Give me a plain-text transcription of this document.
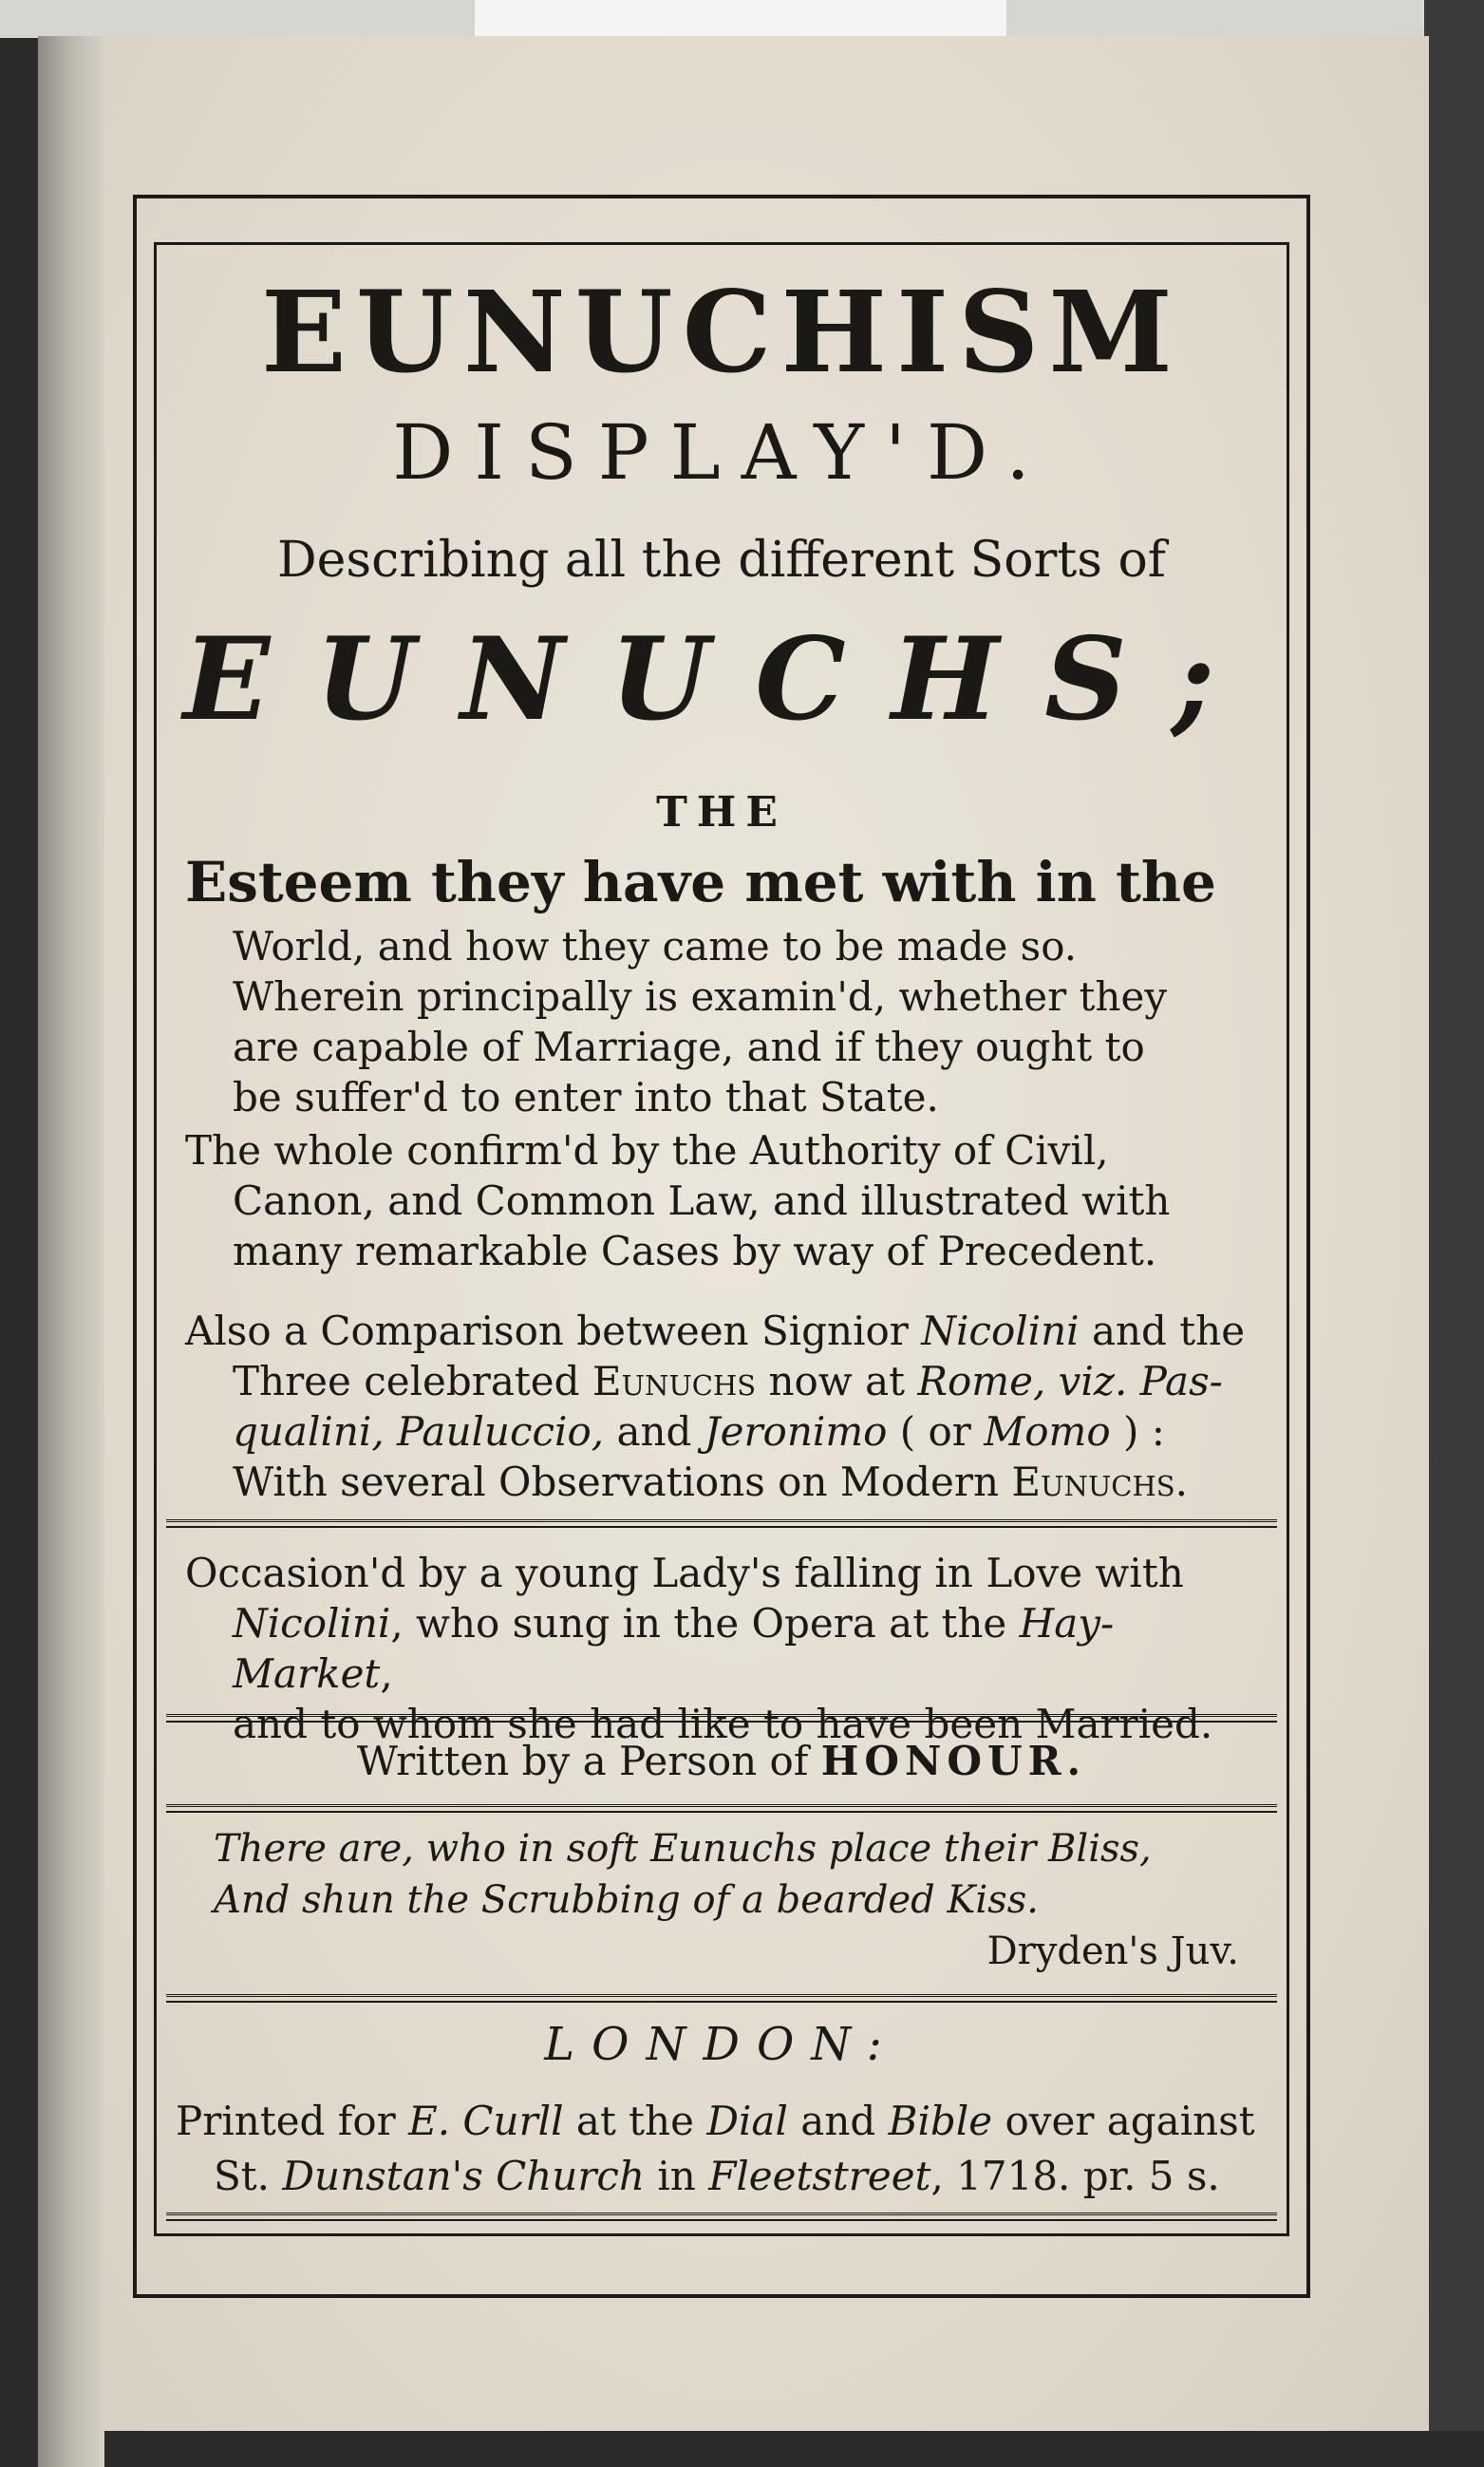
EUNUCHISM
DISPLAY'D.
Describing all the different Sorts of
EUNUCHS;
THE
Esteem they have met with in the
World, and how they came to be made so.
Wherein principally is examin'd, whether they
are capable of Marriage, and if they ought to
be suffer'd to enter into that State.
The whole confirm'd by the Authority of Civil,
Canon, and Common Law, and illustrated with
many remarkable Cases by way of Precedent.
Also a Comparison between Signior Nicolini and the
Three celebrated Eunuchs now at Rome, viz. Pas-
qualini, Pauluccio, and Jeronimo ( or Momo ) :
With several Observations on Modern Eunuchs.
Occasion'd by a young Lady's falling in Love with
Nicolini, who sung in the Opera at the Hay-Market,
and to whom she had like to have been Married.
Written by a Person of HONOUR.
There are, who in soft Eunuchs place their Bliss,
And shun the Scrubbing of a bearded Kiss.
Dryden's Juv.
LONDON:
Printed for E. Curll at the Dial and Bible over against
St. Dunstan's Church in Fleetstreet, 1718. pr. 5 s.
